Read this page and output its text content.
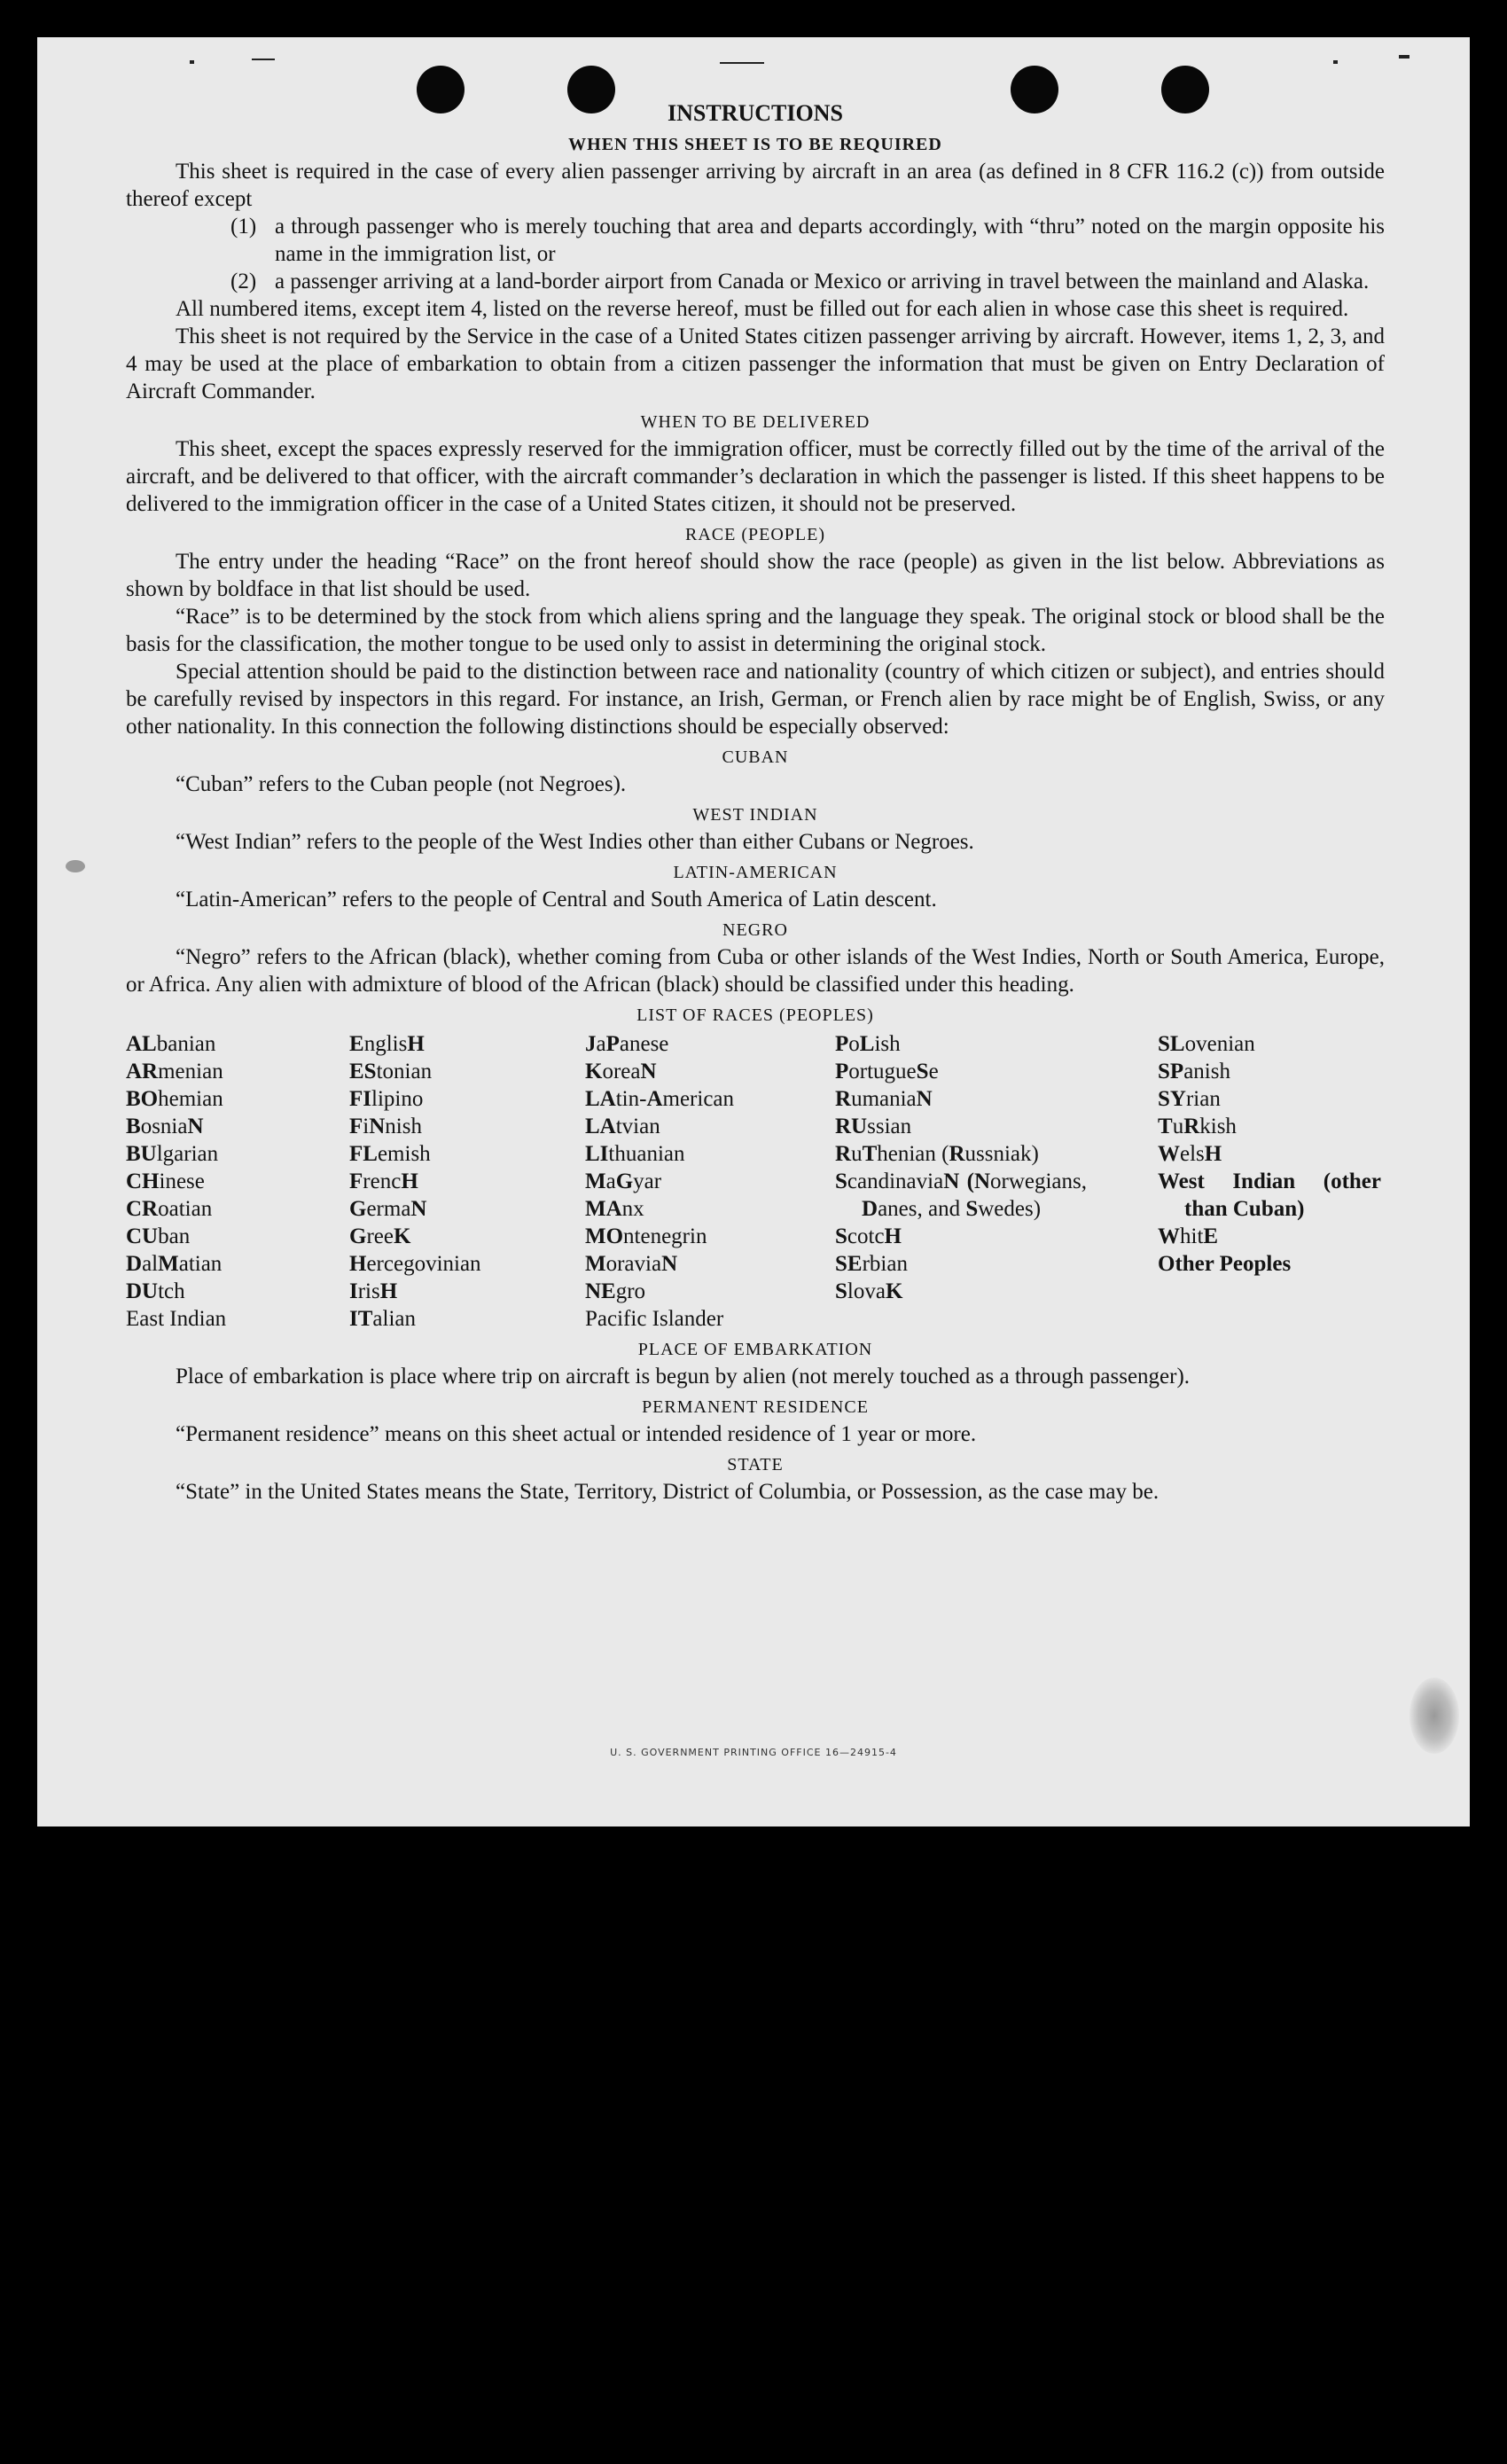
INSTRUCTIONS
WHEN THIS SHEET IS TO BE REQUIRED

This sheet is required in the case of every alien passenger arriving by aircraft in an area (as defined in 8 CFR 116.2 (c)) from outside thereof except

(1) a through passenger who is merely touching that area and departs accordingly, with “thru” noted on the margin opposite his name in the immigration list, or
(2) a passenger arriving at a land-border airport from Canada or Mexico or arriving in travel between the mainland and Alaska.

All numbered items, except item 4, listed on the reverse hereof, must be filled out for each alien in whose case this sheet is required.

This sheet is not required by the Service in the case of a United States citizen passenger arriving by aircraft. However, items 1, 2, 3, and 4 may be used at the place of embarkation to obtain from a citizen passenger the information that must be given on Entry Declaration of Aircraft Commander.

WHEN TO BE DELIVERED

This sheet, except the spaces expressly reserved for the immigration officer, must be correctly filled out by the time of the arrival of the aircraft, and be delivered to that officer, with the aircraft commander’s declaration in which the passenger is listed. If this sheet happens to be delivered to the immigration officer in the case of a United States citizen, it should not be preserved.

RACE (PEOPLE)

The entry under the heading “Race” on the front hereof should show the race (people) as given in the list below. Abbreviations as shown by boldface in that list should be used.

“Race” is to be determined by the stock from which aliens spring and the language they speak. The original stock or blood shall be the basis for the classification, the mother tongue to be used only to assist in determining the original stock.

Special attention should be paid to the distinction between race and nationality (country of which citizen or subject), and entries should be carefully revised by inspectors in this regard. For instance, an Irish, German, or French alien by race might be of English, Swiss, or any other nationality. In this connection the following distinctions should be especially observed:

CUBAN

“Cuban” refers to the Cuban people (not Negroes).

WEST INDIAN

“West Indian” refers to the people of the West Indies other than either Cubans or Negroes.

LATIN-AMERICAN

“Latin-American” refers to the people of Central and South America of Latin descent.

NEGRO

“Negro” refers to the African (black), whether coming from Cuba or other islands of the West Indies, North or South America, Europe, or Africa. Any alien with admixture of blood of the African (black) should be classified under this heading.

LIST OF RACES (PEOPLES)
ALbanian
ARmenian
BOhemian
BosniaN
BUlgarian
CHinese
CRoatian
CUban
DalMatian
DUtch
East Indian
EnglisH
EStonian
FIlipino
FiNnish
FLemish
FrencH
GermaN
GreeK
Hercegovinian
IrisH
ITalian
JaPanese
KoreaN
LAtin-American
LAtvian
LIthuanian
MaGyar
MAnx
MOntenegrin
MoraviaN
NEgro
Pacific Islander
PoLish
PortugueSe
RumaniaN
RUssian
RuThenian (Russniak)
ScandinaviaN (Norwegians, Danes, and Swedes)
ScotcH
SErbian
SlovaK
SLovenian
SPanish
SYrian
TuRkish
WelsH
West Indian (other than Cuban)
WhitE
Other Peoples
PLACE OF EMBARKATION

Place of embarkation is place where trip on aircraft is begun by alien (not merely touched as a through passenger).

PERMANENT RESIDENCE

“Permanent residence” means on this sheet actual or intended residence of 1 year or more.

STATE

“State” in the United States means the State, Territory, District of Columbia, or Possession, as the case may be.

U. S. GOVERNMENT PRINTING OFFICE 16—24915-4
